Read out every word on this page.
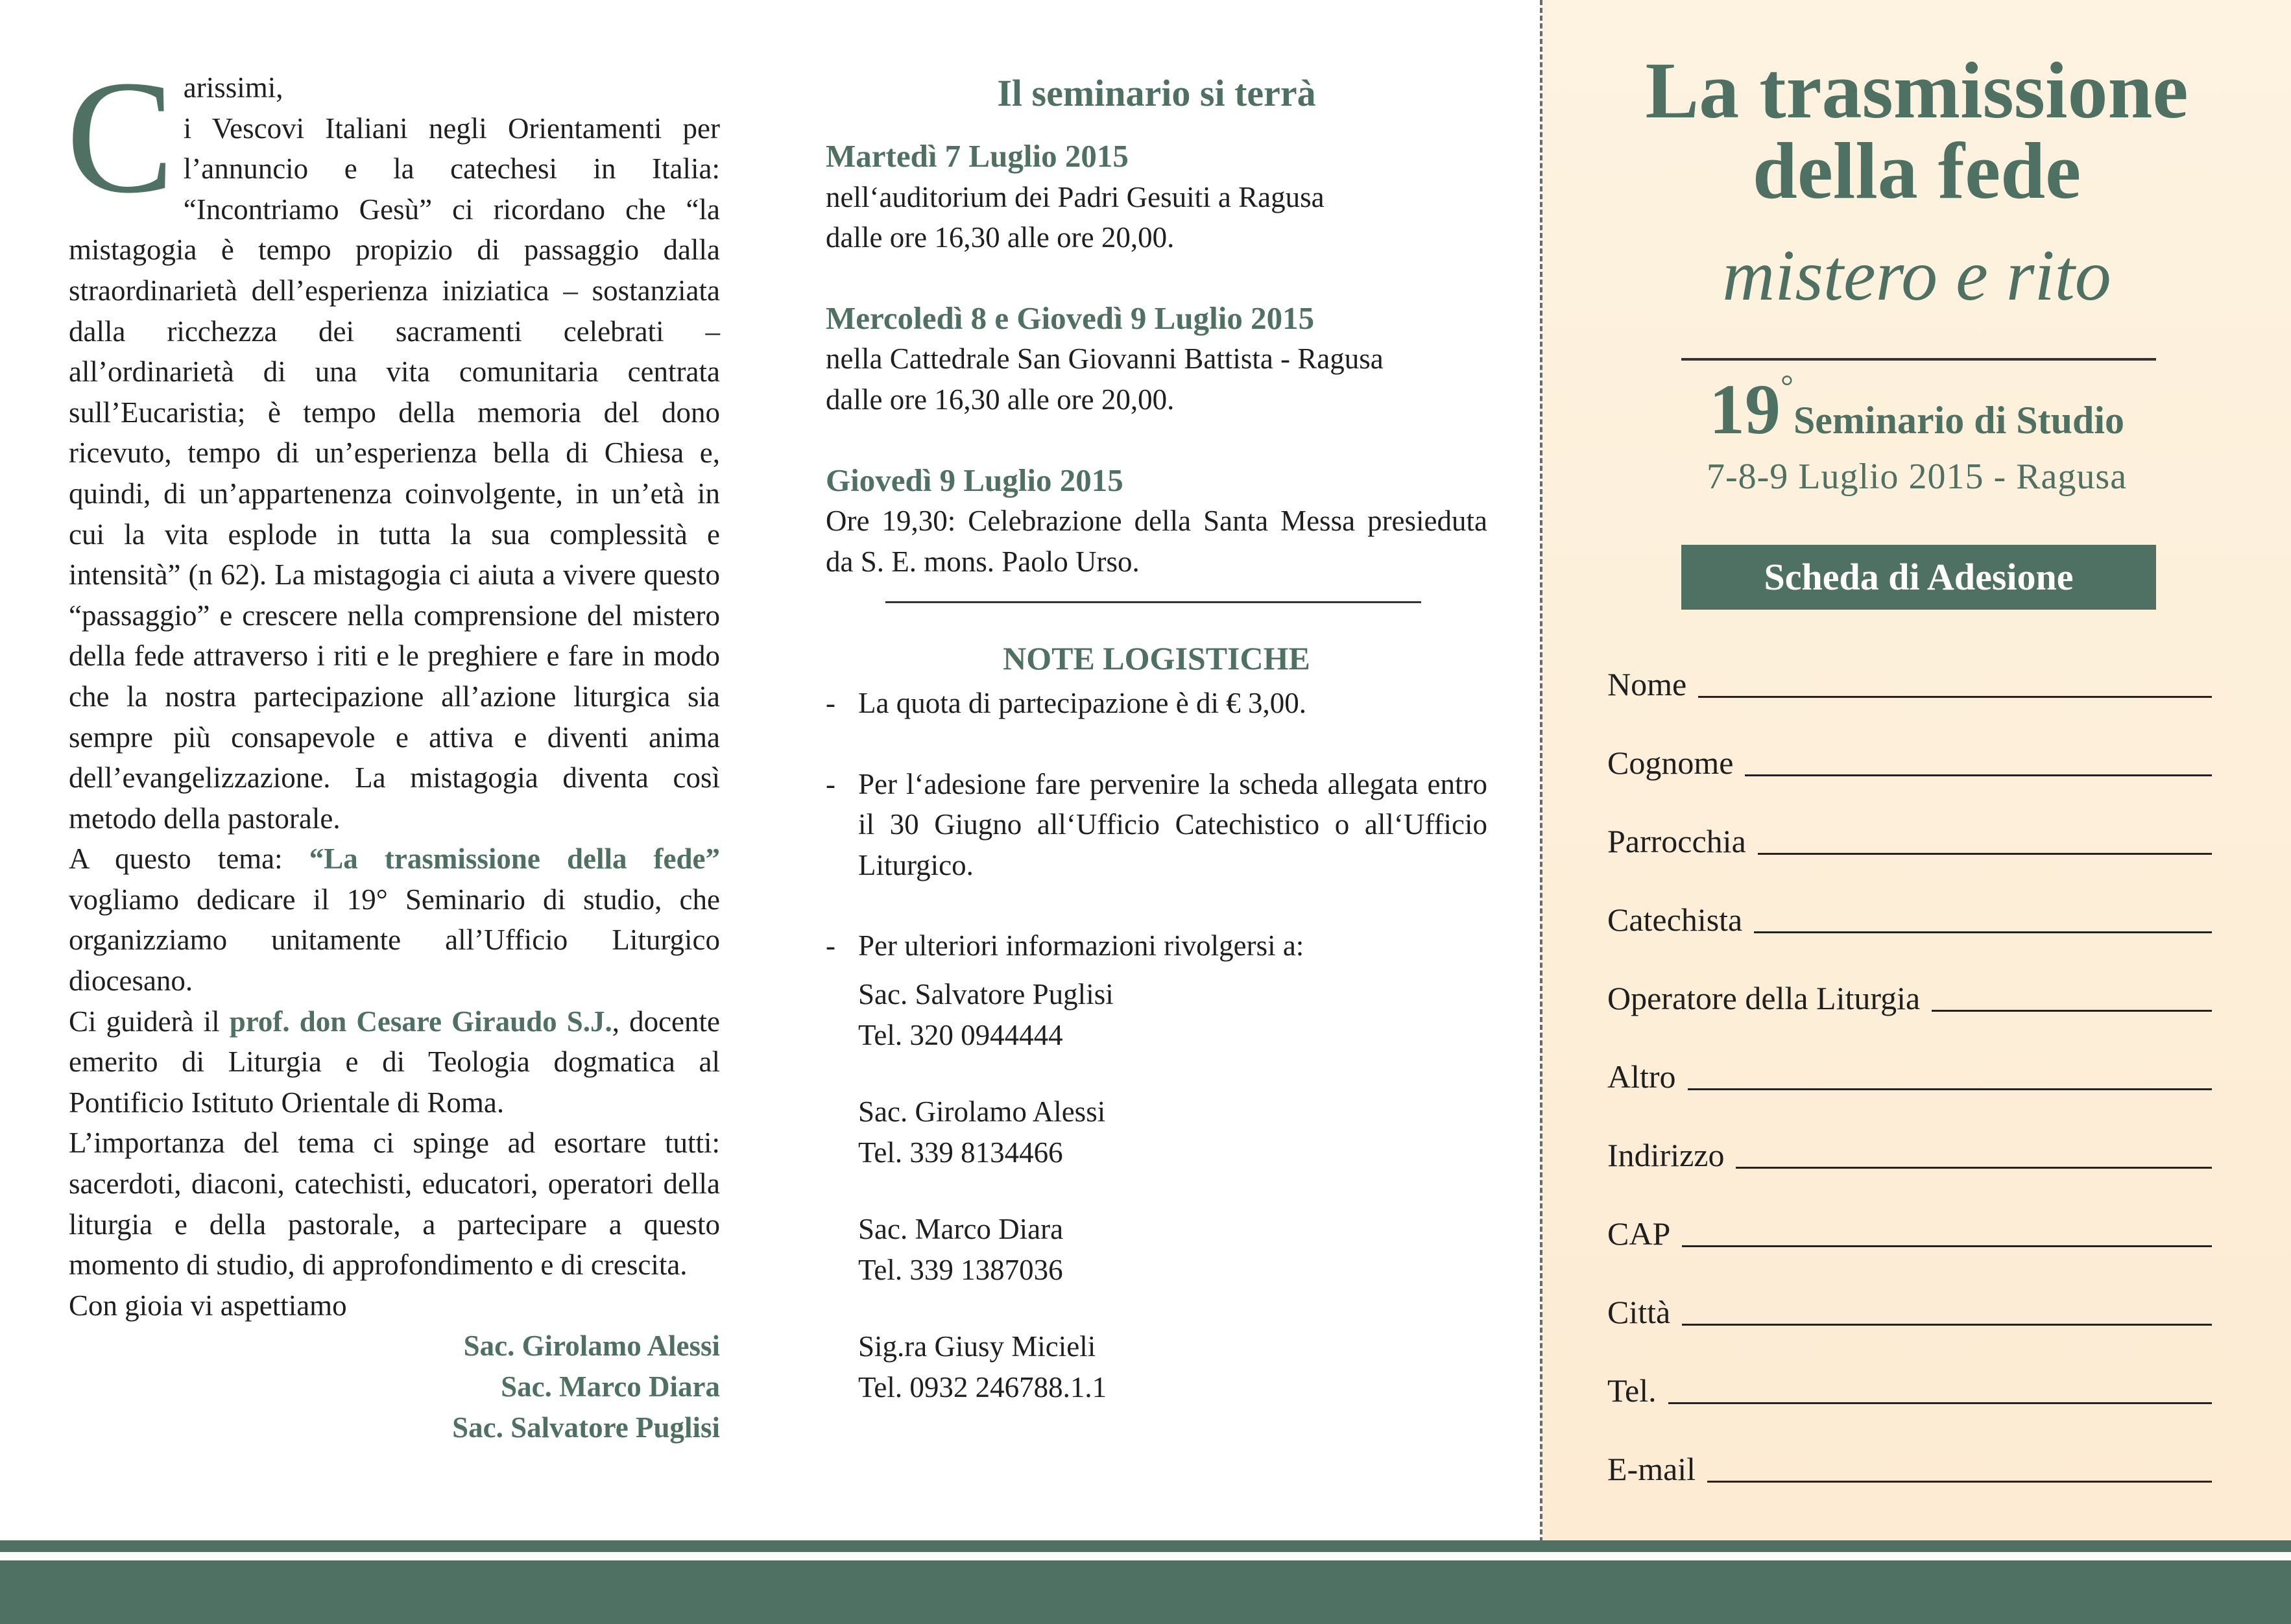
C arissimi,
i Vescovi Italiani negli Orientamenti per l’annuncio e la catechesi in Italia: “Incontriamo Gesù” ci ricordano che “la mistagogia è tempo propizio di passaggio dalla straordinarietà dell’esperienza iniziatica – sostanziata dalla ricchezza dei sacramenti celebrati – all’ordinarietà di una vita comunitaria centrata sull’Eucaristia; è tempo della memoria del dono ricevuto, tempo di un’esperienza bella di Chiesa e, quindi, di un’appartenenza coinvolgente, in un’età in cui la vita esplode in tutta la sua complessità e intensità” (n 62). La mistagogia ci aiuta a vivere questo “passaggio” e crescere nella comprensione del mistero della fede attraverso i riti e le preghiere e fare in modo che la nostra partecipazione all’azione liturgica sia sempre più consapevole e attiva e diventi anima dell’evangelizzazione. La mistagogia diventa così metodo della pastorale.

A questo tema: “La trasmissione della fede” vogliamo dedicare il 19° Seminario di studio, che organizziamo unitamente all’Ufficio Liturgico diocesano.

Ci guiderà il prof. don Cesare Giraudo S.J., docente emerito di Liturgia e di Teologia dogmatica al Pontificio Istituto Orientale di Roma.

L’importanza del tema ci spinge ad esortare tutti: sacerdoti, diaconi, catechisti, educatori, operatori della liturgia e della pastorale, a partecipare a questo momento di studio, di approfondimento e di crescita.

Con gioia vi aspettiamo

Sac. Girolamo Alessi
Sac. Marco Diara
Sac. Salvatore Puglisi
Il seminario si terrà
Martedì 7 Luglio 2015
nell‘auditorium dei Padri Gesuiti a Ragusa
dalle ore 16,30 alle ore 20,00.
Mercoledì 8 e Giovedì 9 Luglio 2015
nella Cattedrale San Giovanni Battista - Ragusa
dalle ore 16,30 alle ore 20,00.
Giovedì 9 Luglio 2015
Ore 19,30: Celebrazione della Santa Messa presieduta da S. E. mons. Paolo Urso.
NOTE LOGISTICHE
- La quota di partecipazione è di € 3,00.
- Per l‘adesione fare pervenire la scheda allegata entro il 30 Giugno all‘Ufficio Catechistico o all‘Ufficio Liturgico.
- Per ulteriori informazioni rivolgersi a:
Sac. Salvatore Puglisi
Tel. 320 0944444
Sac. Girolamo Alessi
Tel. 339 8134466
Sac. Marco Diara
Tel. 339 1387036
Sig.ra Giusy Micieli
Tel. 0932 246788.1.1
La trasmissione
della fede
mistero e rito
19°Seminario di Studio
7-8-9 Luglio 2015 - Ragusa
Scheda di Adesione
Nome
Cognome
Parrocchia
Catechista
Operatore della Liturgia
Altro
Indirizzo
CAP
Città
Tel.
E-mail
